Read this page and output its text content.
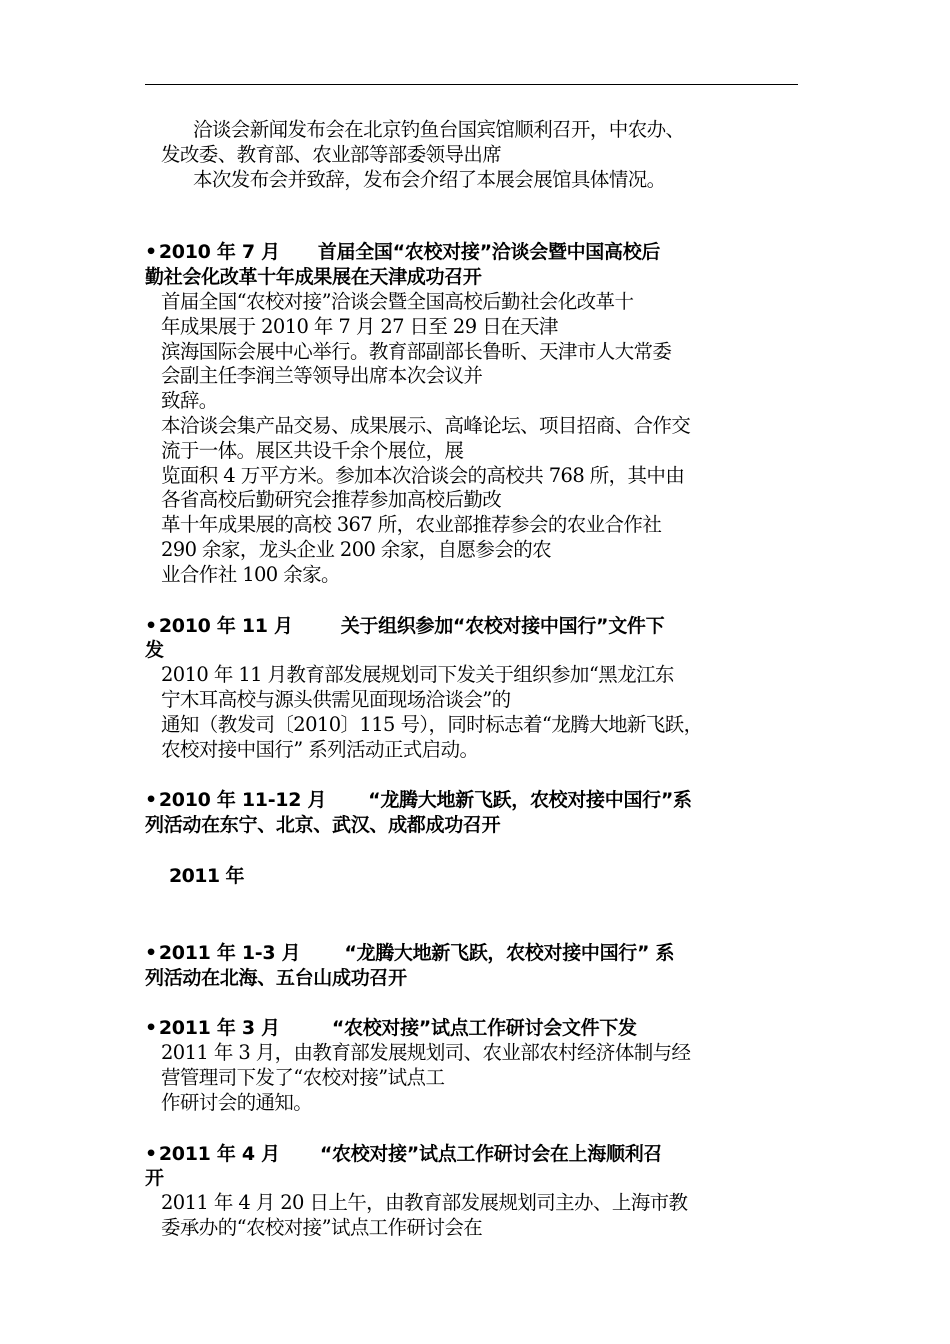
洽谈会新闻发布会在北京钓鱼台国宾馆顺利召开，中农办、
发改委、教育部、农业部等部委领导出席
本次发布会并致辞，发布会介绍了本展会展馆具体情况。
• 2010 年 7 月 首届全国“农校对接”洽谈会暨中国高校后
勤社会化改革十年成果展在天津成功召开
首届全国“农校对接”洽谈会暨全国高校后勤社会化改革十
年成果展于 2010 年 7 月 27 日至 29 日在天津
滨海国际会展中心举行。教育部副部长鲁昕、天津市人大常委
会副主任李润兰等领导出席本次会议并
致辞。
本洽谈会集产品交易、成果展示、高峰论坛、项目招商、合作交
流于一体。展区共设千余个展位，展
览面积 4 万平方米。参加本次洽谈会的高校共 768 所，其中由
各省高校后勤研究会推荐参加高校后勤改
革十年成果展的高校 367 所，农业部推荐参会的农业合作社
290 余家，龙头企业 200 余家，自愿参会的农
业合作社 100 余家。
• 2010 年 11 月	关于组织参加“农校对接中国行”文件下
发
2010 年 11 月教育部发展规划司下发关于组织参加“黑龙江东
宁木耳高校与源头供需见面现场洽谈会”的
通知（教发司〔2010〕115 号），同时标志着“龙腾大地新飞跃，
农校对接中国行” 系列活动正式启动。
• 2010 年 11-12 月 “龙腾大地新飞跃，农校对接中国行”系
列活动在东宁、北京、武汉、成都成功召开
2011 年
• 2011 年 1-3 月 “龙腾大地新飞跃，农校对接中国行” 系
列活动在北海、五台山成功召开
• 2011 年 3 月	“农校对接”试点工作研讨会文件下发
2011 年 3 月，由教育部发展规划司、农业部农村经济体制与经
营管理司下发了“农校对接”试点工
作研讨会的通知。
• 2011 年 4 月 “农校对接”试点工作研讨会在上海顺利召
开
2011 年 4 月 20 日上午，由教育部发展规划司主办、上海市教
委承办的“农校对接”试点工作研讨会在
